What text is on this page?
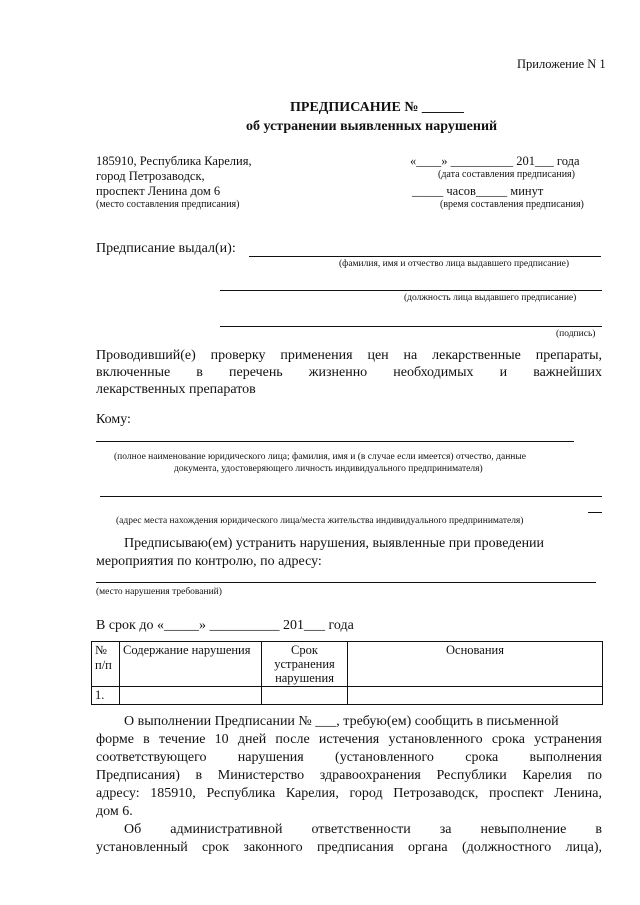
Приложение N 1
ПРЕДПИСАНИЕ № ______
об устранении выявленных нарушений
185910, Республика Карелия,
город Петрозаводск,
проспект Ленина дом 6
(место составления предписания)
«____» __________ 201___ года
(дата составления предписания)
_____ часов_____ минут
(время составления предписания)
Предписание выдал(и):
(фамилия, имя и отчество лица выдавшего предписание)
(должность лица выдавшего предписание)
(подпись)
Проводивший(е) проверку применения цен на лекарственные препараты,
включенные в перечень жизненно необходимых и важнейших
лекарственных препаратов
Кому:
(полное наименование юридического лица; фамилия, имя и (в случае если имеется) отчество, данные
документа, удостоверяющего личность индивидуального предпринимателя)
(адрес места нахождения юридического лица/места жительства индивидуального предпринимателя)
Предписываю(ем) устранить нарушения, выявленные при проведении
мероприятия по контролю, по адресу:
(место нарушения требований)
В срок до «_____» __________ 201___ года
№ п/п	Содержание нарушения	Срок устранения нарушения	Основания
1.			
О выполнении Предписании № ___, требую(ем) сообщить в письменной
форме в течение 10 дней после истечения установленного срока устранения
соответствующего нарушения (установленного срока выполнения
Предписания) в Министерство здравоохранения Республики Карелия по
адресу: 185910, Республика Карелия, город Петрозаводск, проспект Ленина,
дом 6.
Об административной ответственности за невыполнение в
установленный срок законного предписания органа (должностного лица),
